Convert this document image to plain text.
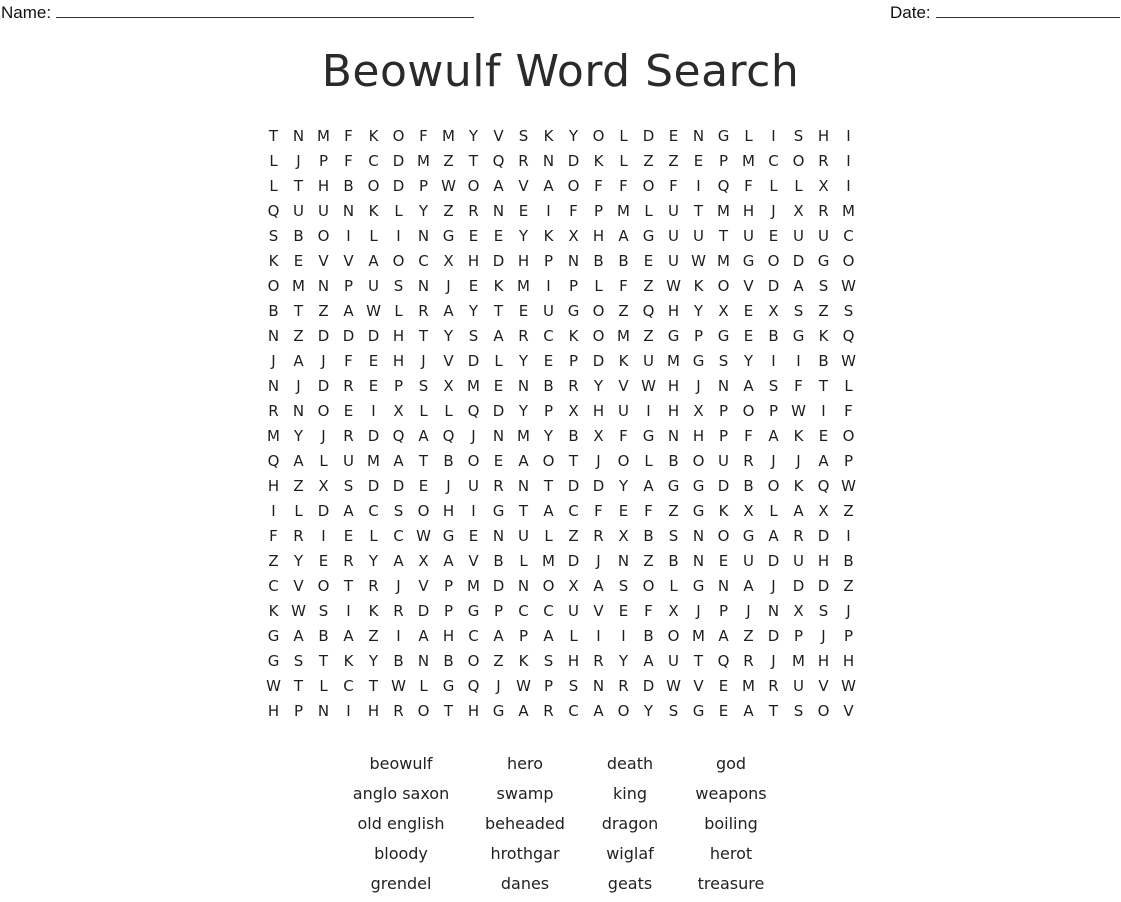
Name:	Date:
Beowulf Word Search
T N M F	K O F M Y	V	S	K	Y O L	D E N G	L	I	S H	I
L	J	P	F	C D M Z	T Q R N D K	L	Z Z	E	P M C O R	I
L	T H B O D P W O A V A O F	F O F	I	Q F	L	L	X	I
Q U U N K	L	Y	Z R N E	I	F	P M L	U T M H	J	X R M
S	B O	I	L	I	N G E	E	Y	K X H A G U U T U E U U C
K	E	V V A O C X H D H P N B B	E U W M G O D G O
O M N P U S N	J	E	K M	I	P	L	F	Z W K O V D A	S W
B	T	Z A W L	R A	Y	T	E U G O Z Q H Y	X	E	X	S	Z	S
N Z D D D H T	Y	S	A R C K O M Z G P G E	B G K Q
J	A	J	F	E H	J	V D	L	Y	E	P D K U M G S	Y	I	I	B W
N	J	D R	E	P	S	X M E N B R	Y	V W H	J	N A	S	F	T	L
R N O E	I	X	L	L Q D Y	P	X H U	I	H X	P O P W	I	F
M Y	J	R D Q A Q	J	N M Y	B X	F G N H P	F	A K	E O
Q A	L	U M A	T	B O E	A O T	J	O L	B O U R	J	J	A	P
H Z X	S D D E	J	U R N T D D Y	A G G D B O K Q W
I	L	D A C	S O H	I	G T	A C	F	E	F	Z G K X	L	A X Z
F	R	I	E	L	C W G E N U	L	Z R X B	S N O G A R D	I
Z	Y	E	R	Y	A X A V B	L M D	J	N Z B N E U D U H B
C V O T	R	J	V	P M D N O X A	S O L	G N A	J	D D Z
K W S	I	K R D P G P	C C U V	E	F	X	J	P	J	N X	S	J
G A B A Z	I	A H C A	P	A	L	I	I	B O M A Z D P	J	P
G S	T	K	Y	B N B O Z K	S H R	Y	A U T Q R	J	M H H
W T	L	C	T W L	G Q	J	W P	S N R D W V	E M R U V W
H P N	I	H R O T H G A R C A O Y	S G E	A	T	S O V
beowulf	hero	death	god
anglo saxon	swamp	king	weapons
old english	beheaded	dragon	boiling
bloody	hrothgar	wiglaf	herot
grendel	danes	geats	treasure
